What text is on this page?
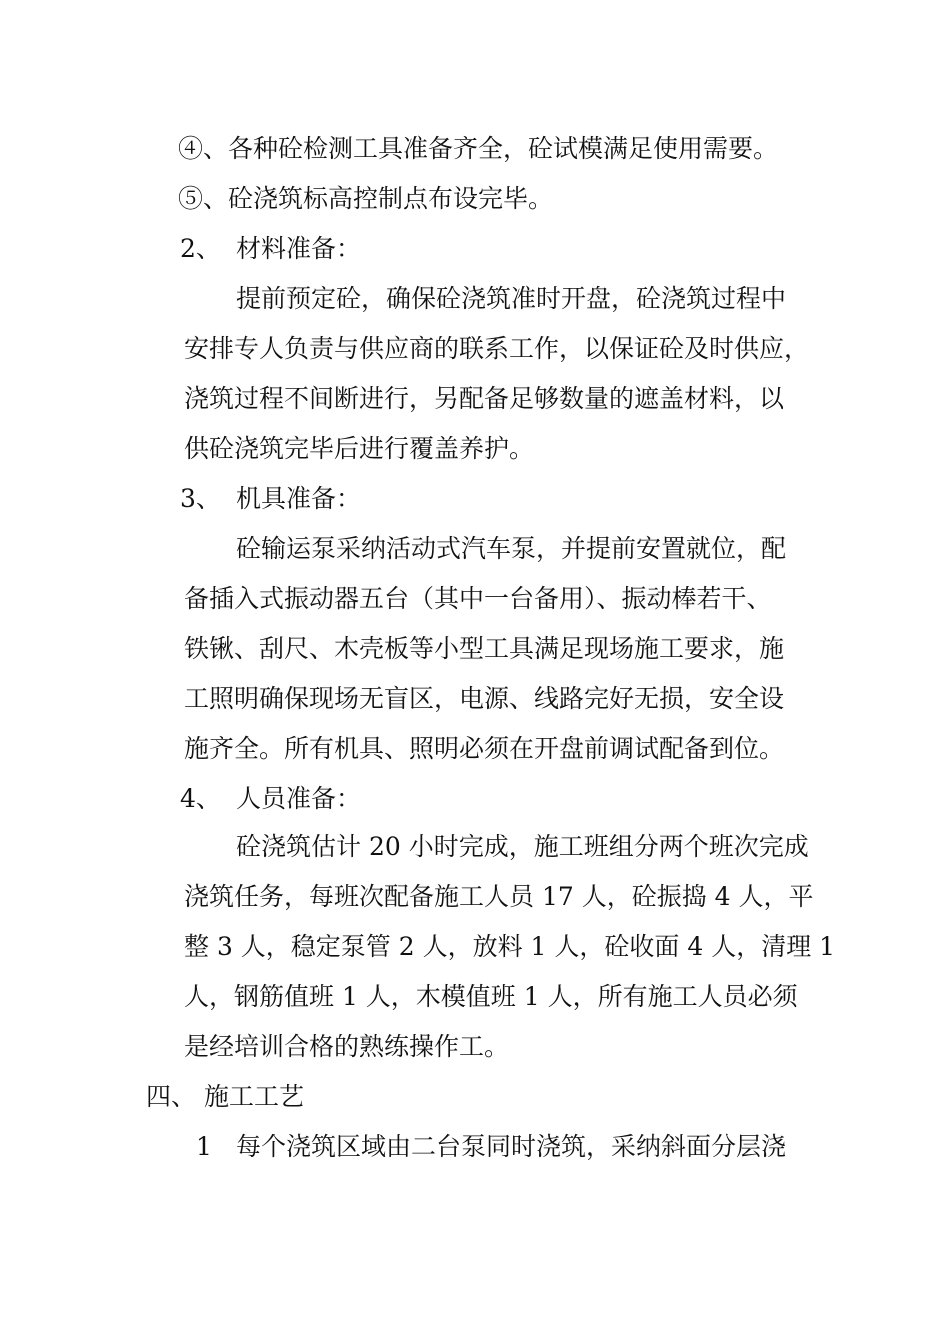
④、各种砼检测工具准备齐全，砼试模满足使用需要。
⑤、砼浇筑标高控制点布设完毕。
2、 材料准备：
提前预定砼，确保砼浇筑准时开盘，砼浇筑过程中
安排专人负责与供应商的联系工作，以保证砼及时供应，
浇筑过程不间断进行，另配备足够数量的遮盖材料，以
供砼浇筑完毕后进行覆盖养护。
3、 机具准备：
砼输运泵采纳活动式汽车泵，并提前安置就位，配
备插入式振动器五台（其中一台备用）、振动棒若干、
铁锹、刮尺、木壳板等小型工具满足现场施工要求，施
工照明确保现场无盲区，电源、线路完好无损，安全设
施齐全。所有机具、照明必须在开盘前调试配备到位。
4、 人员准备：
砼浇筑估计 20 小时完成，施工班组分两个班次完成
浇筑任务，每班次配备施工人员 17 人，砼振捣 4 人，平
整 3 人，稳定泵管 2 人，放料 1 人，砼收面 4 人，清理 1
人，钢筋值班 1 人，木模值班 1 人，所有施工人员必须
是经培训合格的熟练操作工。
四、 施工工艺
1 每个浇筑区域由二台泵同时浇筑，采纳斜面分层浇
